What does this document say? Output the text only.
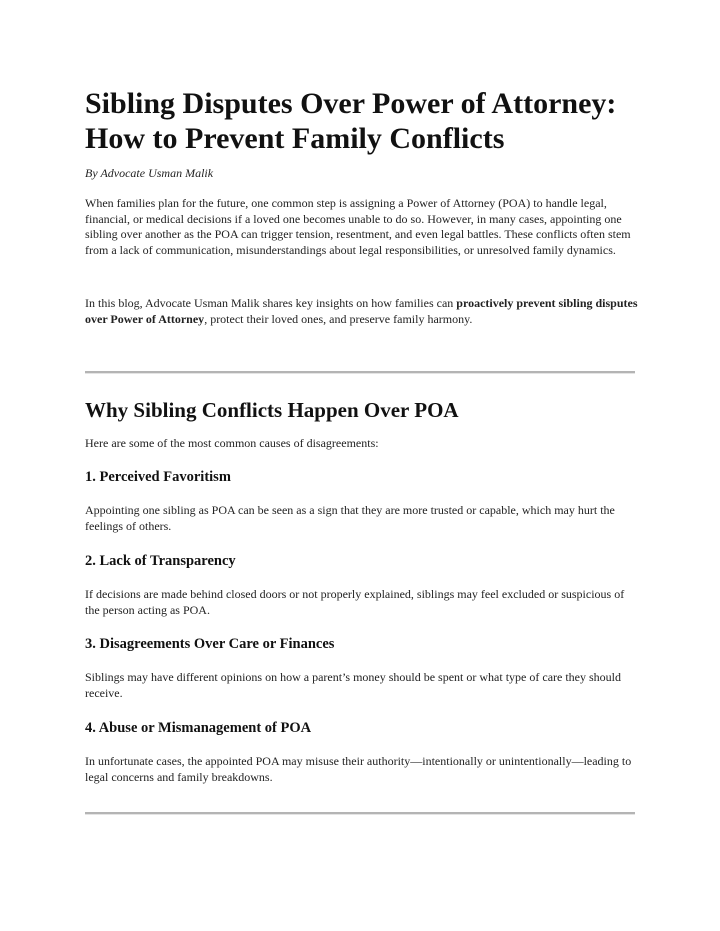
Sibling Disputes Over Power of Attorney: How to Prevent Family Conflicts

By Advocate Usman Malik

When families plan for the future, one common step is assigning a Power of Attorney (POA) to handle legal, financial, or medical decisions if a loved one becomes unable to do so. However, in many cases, appointing one sibling over another as the POA can trigger tension, resentment, and even legal battles. These conflicts often stem from a lack of communication, misunderstandings about legal responsibilities, or unresolved family dynamics.

In this blog, Advocate Usman Malik shares key insights on how families can proactively prevent sibling disputes over Power of Attorney, protect their loved ones, and preserve family harmony.

Why Sibling Conflicts Happen Over POA

Here are some of the most common causes of disagreements:

1. Perceived Favoritism

Appointing one sibling as POA can be seen as a sign that they are more trusted or capable, which may hurt the feelings of others.

2. Lack of Transparency

If decisions are made behind closed doors or not properly explained, siblings may feel excluded or suspicious of the person acting as POA.

3. Disagreements Over Care or Finances

Siblings may have different opinions on how a parent’s money should be spent or what type of care they should receive.

4. Abuse or Mismanagement of POA

In unfortunate cases, the appointed POA may misuse their authority—intentionally or unintentionally—leading to legal concerns and family breakdowns.
